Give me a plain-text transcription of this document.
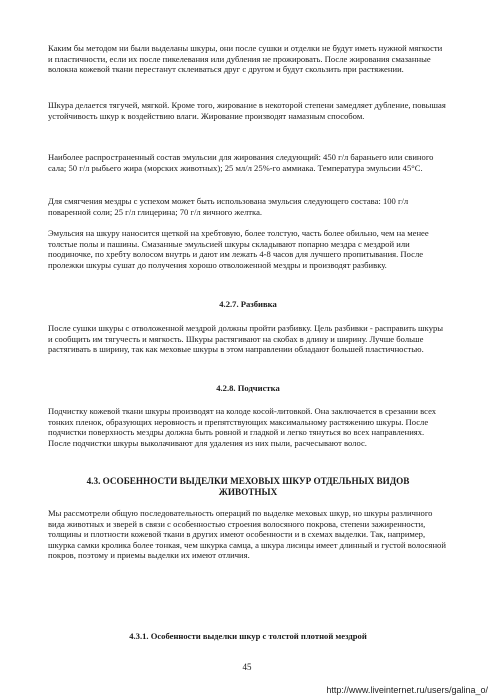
Каким бы методом ни были выделаны шкуры, они после сушки и отделки не будут иметь нужной мягкости и пластичности, если их после пикелевания или дубления не прожировать. После жирования смазанные волокна кожевой ткани перестанут склеиваться друг с другом и будут скользить при растяжении.

Шкура делается тягучей, мягкой. Кроме того, жирование в некоторой степени замедляет дубление, повышая устойчивость шкур к воздействию влаги. Жирование производят намазным способом.

Наиболее распространенный состав эмульсии для жирования следующий: 450 г/л бараньего или свиного сала; 50 г/л рыбьего жира (морских животных); 25 мл/л 25%-го аммиака. Температура эмульсии 45°С.

Для смягчения мездры с успехом может быть использована эмульсия следующего состава: 100 г/л поваренной соли; 25 г/л глицерина; 70 г/л яичного желтка.

Эмульсия на шкуру наносится щеткой на хребтовую, более толстую, часть более обильно, чем на менее толстые полы и пашины. Смазанные эмульсией шкуры складывают попарно мездра с мездрой или поодиночке, по хребту волосом внутрь и дают им лежать 4-8 часов для лучшего пропитывания. После пролежки шкуры сушат до получения хорошо отволоженной мездры и производят разбивку.

4.2.7. Разбивка

После сушки шкуры с отволоженной мездрой должны пройти разбивку. Цель разбивки - расправить шкуры и сообщить им тягучесть и мягкость. Шкуры растягивают на скобах в длину и ширину. Лучше больше растягивать в ширину, так как меховые шкуры в этом направлении обладают большей пластичностью.

4.2.8. Подчистка

Подчистку кожевой ткани шкуры производят на колоде косой-литовкой. Она заключается в срезании всех тонких пленок, образующих неровность и препятствующих максимальному растяжению шкуры. После подчистки поверхность мездры должна быть ровной и гладкой и легко тянуться во всех направлениях. После подчистки шкуры выколачивают для удаления из них пыли, расчесывают волос.

4.3. ОСОБЕННОСТИ ВЫДЕЛКИ МЕХОВЫХ ШКУР ОТДЕЛЬНЫХ ВИДОВ ЖИВОТНЫХ

Мы рассмотрели общую последовательность операций по выделке меховых шкур, но шкуры различного вида животных и зверей в связи с особенностью строения волосяного покрова, степени зажиренности, толщины и плотности кожевой ткани в других имеют особенности и в схемах выделки. Так, например, шкурка самки кролика более тонкая, чем шкурка самца, а шкура лисицы имеет длинный и густой волосяной покров, поэтому и приемы выделки их имеют отличия.

4.3.1. Особенности выделки шкур с толстой плотной мездрой

45

http://www.liveinternet.ru/users/galina_o/
